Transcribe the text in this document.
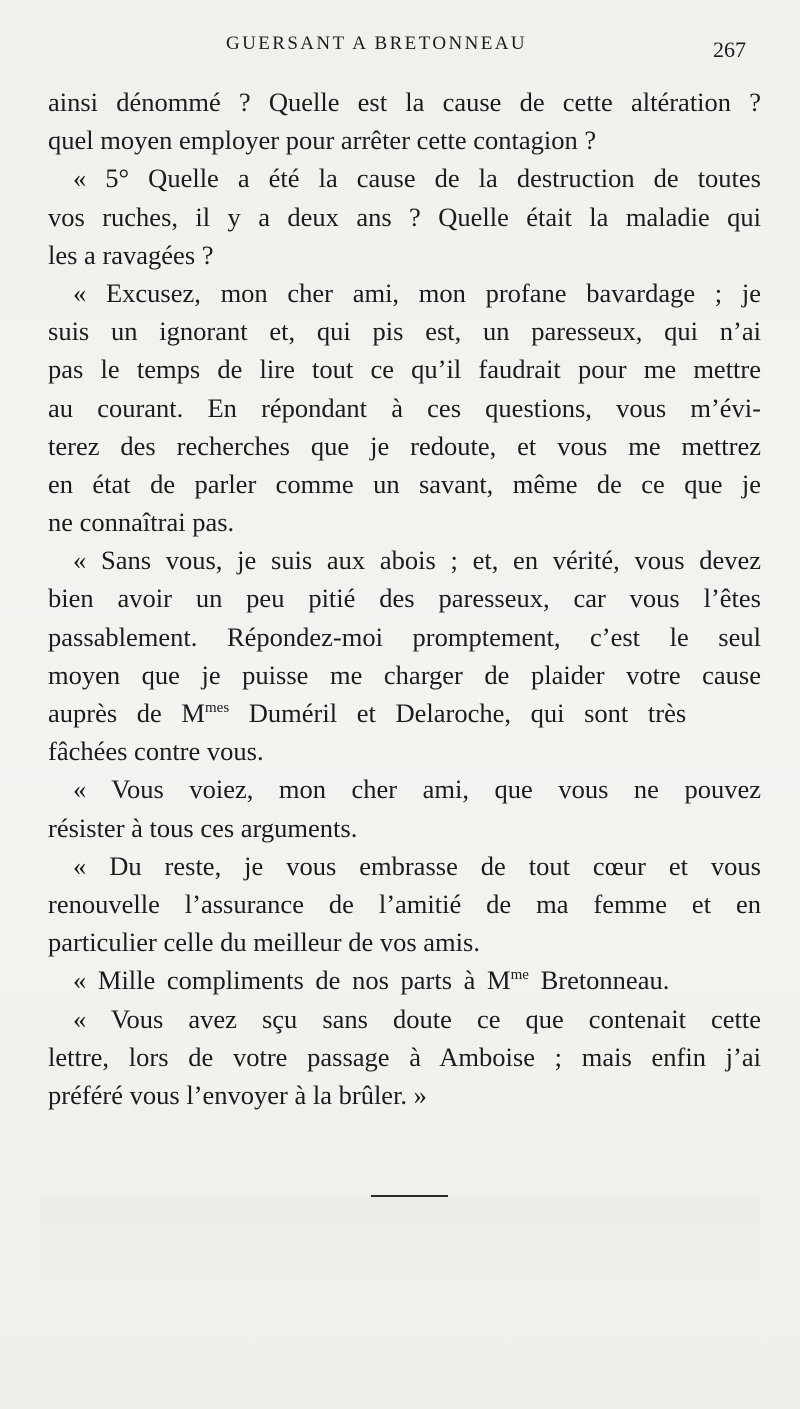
GUERSANT A BRETONNEAU	267
ainsi dénommé ? Quelle est la cause de cette altération ?
quel moyen employer pour arrêter cette contagion ?
« 5° Quelle a été la cause de la destruction de toutes
vos ruches, il y a deux ans ? Quelle était la maladie qui
les a ravagées ?
« Excusez, mon cher ami, mon profane bavardage ; je
suis un ignorant et, qui pis est, un paresseux, qui n’ai
pas le temps de lire tout ce qu’il faudrait pour me mettre
au courant. En répondant à ces questions, vous m’évi-
terez des recherches que je redoute, et vous me mettrez
en état de parler comme un savant, même de ce que je
ne connaîtrai pas.
« Sans vous, je suis aux abois ; et, en vérité, vous devez
bien avoir un peu pitié des paresseux, car vous l’êtes
passablement. Répondez-moi promptement, c’est le seul
moyen que je puisse me charger de plaider votre cause
auprès de $M^{mes}$ Duméril et Delaroche, qui sont très
fâchées contre vous.
« Vous voiez, mon cher ami, que vous ne pouvez
résister à tous ces arguments.
« Du reste, je vous embrasse de tout cœur et vous
renouvelle l’assurance de l’amitié de ma femme et en
particulier celle du meilleur de vos amis.
« Mille compliments de nos parts à $M^{me}$ Bretonneau.
« Vous avez sçu sans doute ce que contenait cette
lettre, lors de votre passage à Amboise ; mais enfin j’ai
préféré vous l’envoyer à la brûler. »
